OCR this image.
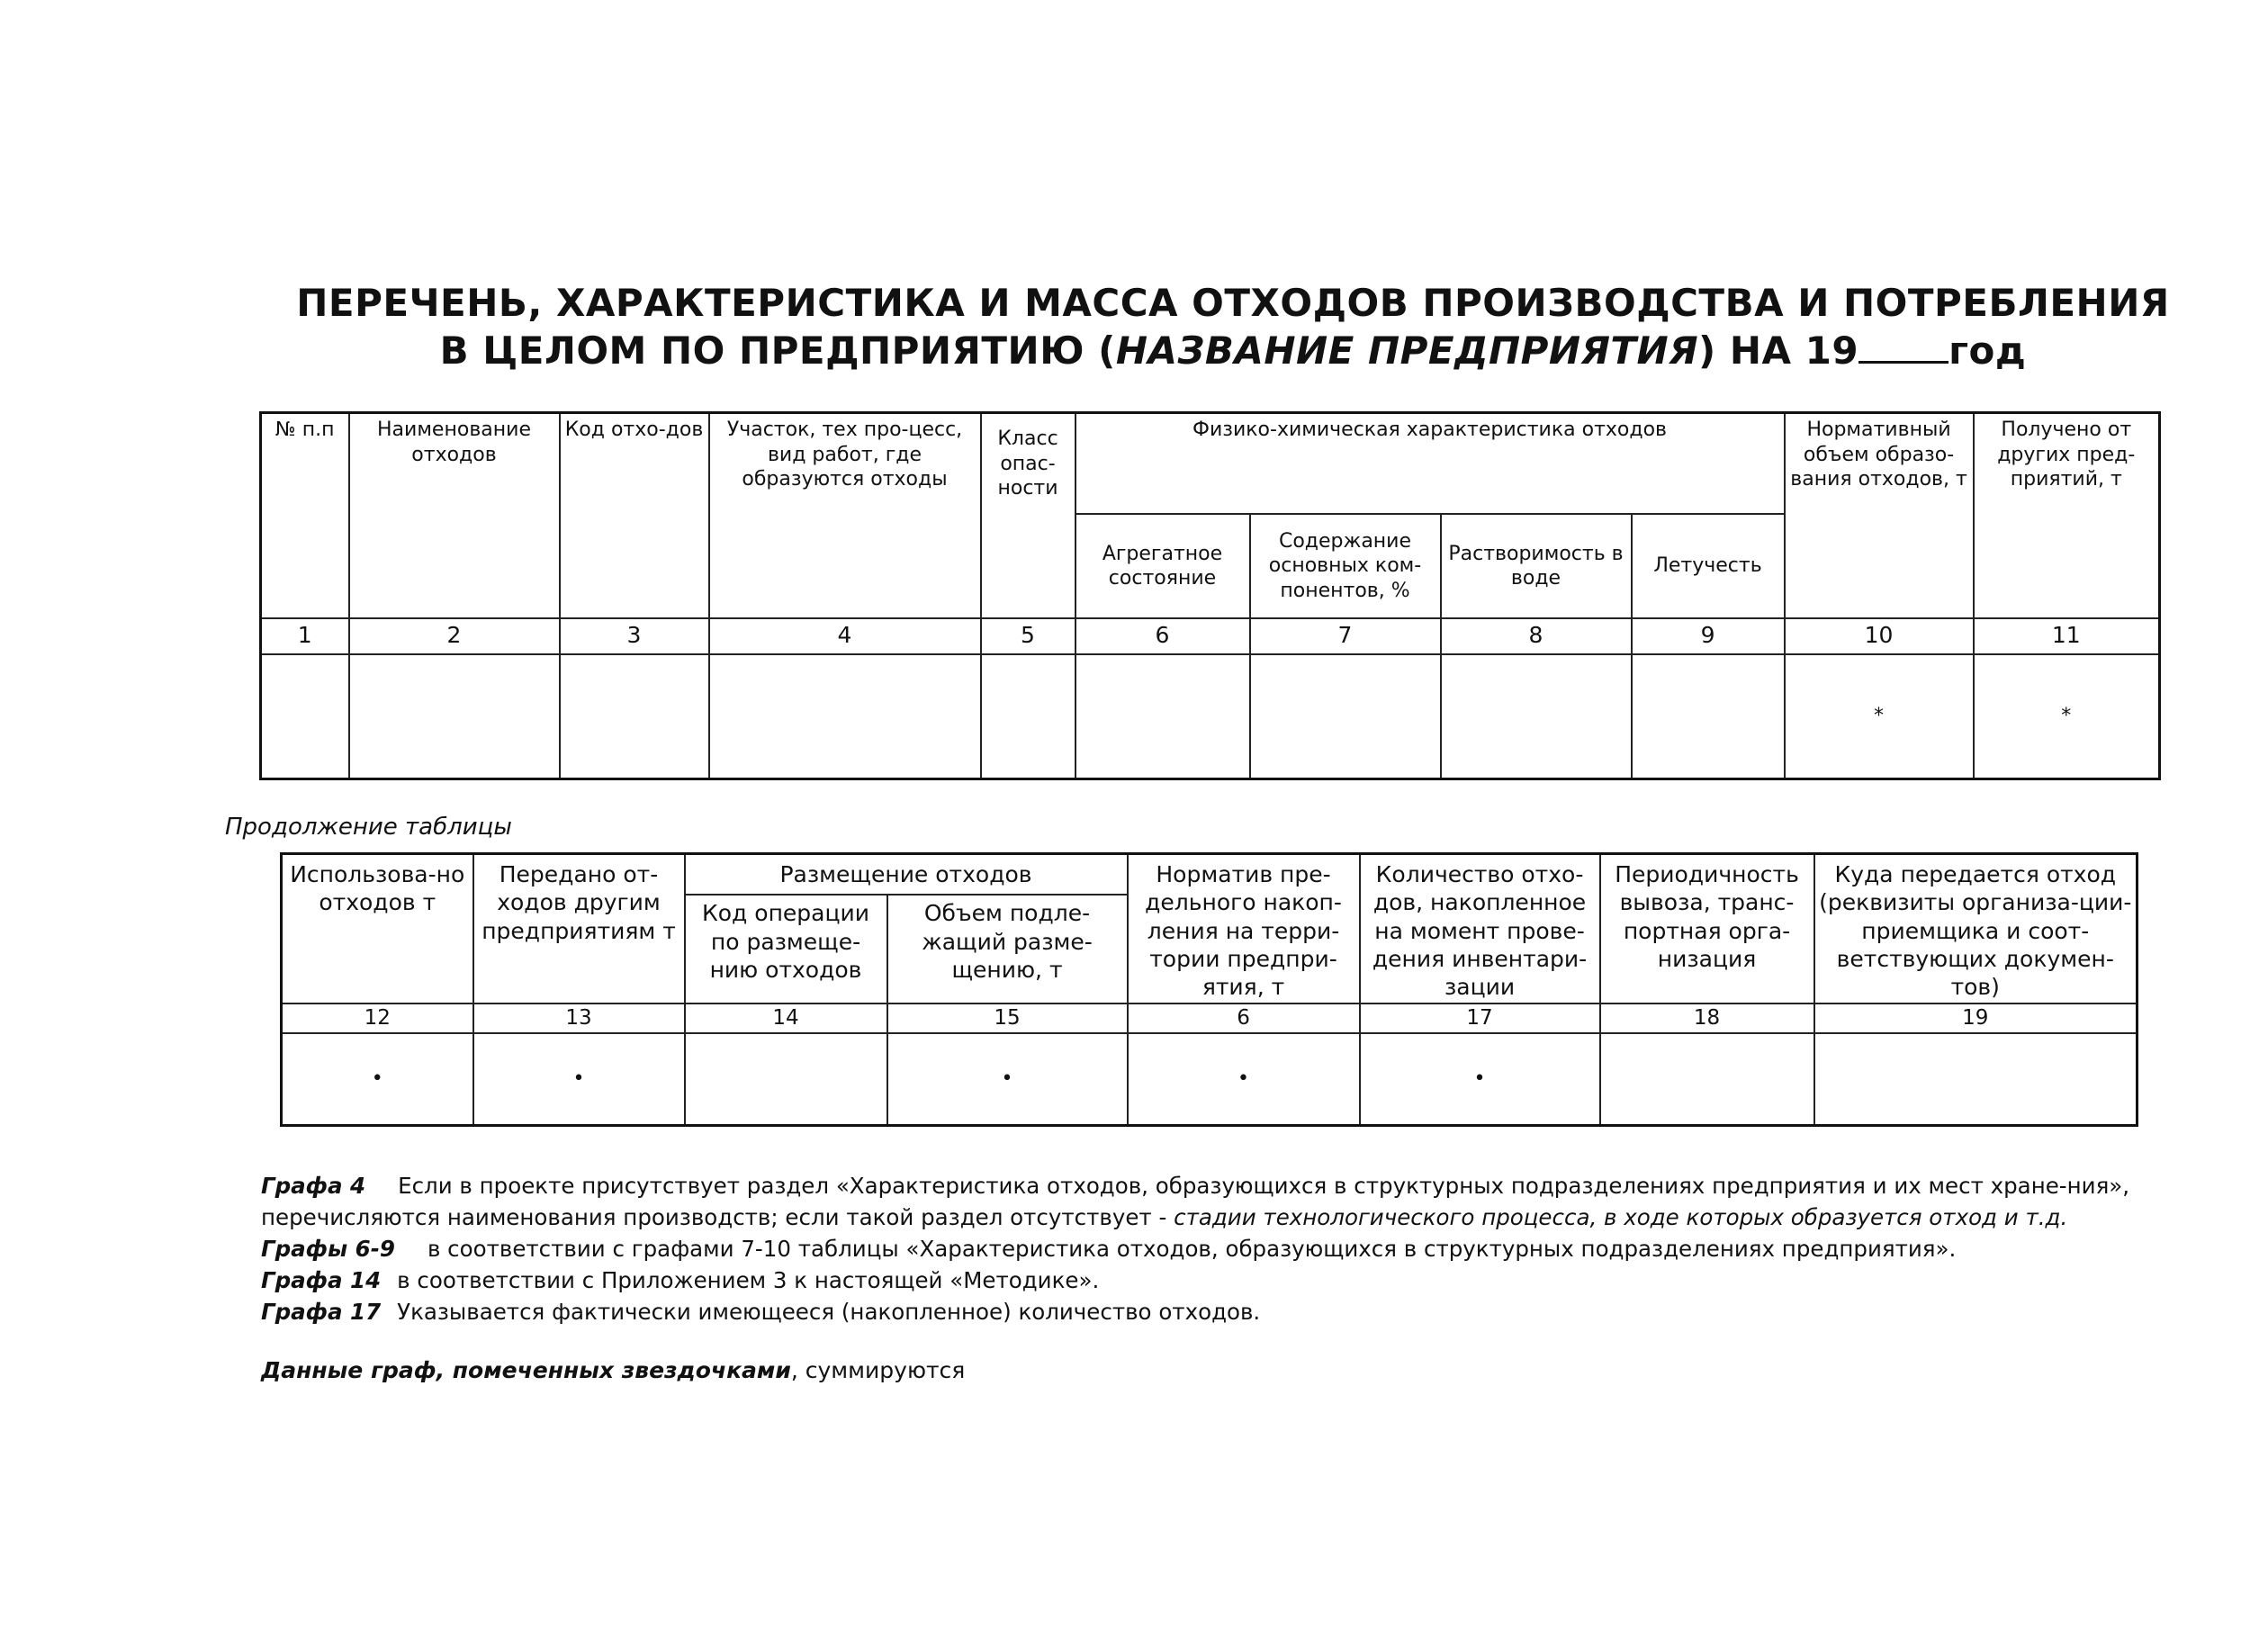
ПЕРЕЧЕНЬ, ХАРАКТЕРИСТИКА И МАССА ОТХОДОВ ПРОИЗВОДСТВА И ПОТРЕБЛЕНИЯ
В ЦЕЛОМ ПО ПРЕДПРИЯТИЮ (НАЗВАНИЕ ПРЕДПРИЯТИЯ) НА 19 год
№ п.п	Наименование отходов	Код отхо-дов	Участок, тех про-цесс, вид работ, где образуются отходы	Класс опас-ности	Физико-химическая характеристика отходов				Нормативный объем образо-вания отходов, т	Получено от других пред-приятий, т
					Агрегатное состояние	Содержание основных ком-понентов, %	Растворимость в воде	Летучесть		
1	2	3	4	5	6	7	8	9	10	11
									*	*
Продолжение таблицы
Использова-но отходов т	Передано от-ходов другим предприятиям т	Размещение отходов		Норматив пре-дельного накоп-ления на терри-тории предпри-ятия, т	Количество отхо-дов, накопленное на момент прове-дения инвентари-зации	Периодичность вывоза, транс-портная орга-низация	Куда передается отход (реквизиты организа-ции-приемщика и соот-ветствующих докумен-тов)
		Код операции по размеще-нию отходов	Объем подле-жащий разме-щению, т				
12	13	14	15	6	17	18	19
•	•		•	•	•		

Графа 4 Если в проекте присутствует раздел «Характеристика отходов, образующихся в структурных подразделениях предприятия и их мест хране-ния», перечисляются наименования производств; если такой раздел отсутствует - стадии технологического процесса, в ходе которых образуется отход и т.д.

Графы 6-9 в соответствии с графами 7-10 таблицы «Характеристика отходов, образующихся в структурных подразделениях предприятия».

Графа 14 в соответствии с Приложением 3 к настоящей «Методике».

Графа 17 Указывается фактически имеющееся (накопленное) количество отходов.

Данные граф, помеченных звездочками, суммируются
